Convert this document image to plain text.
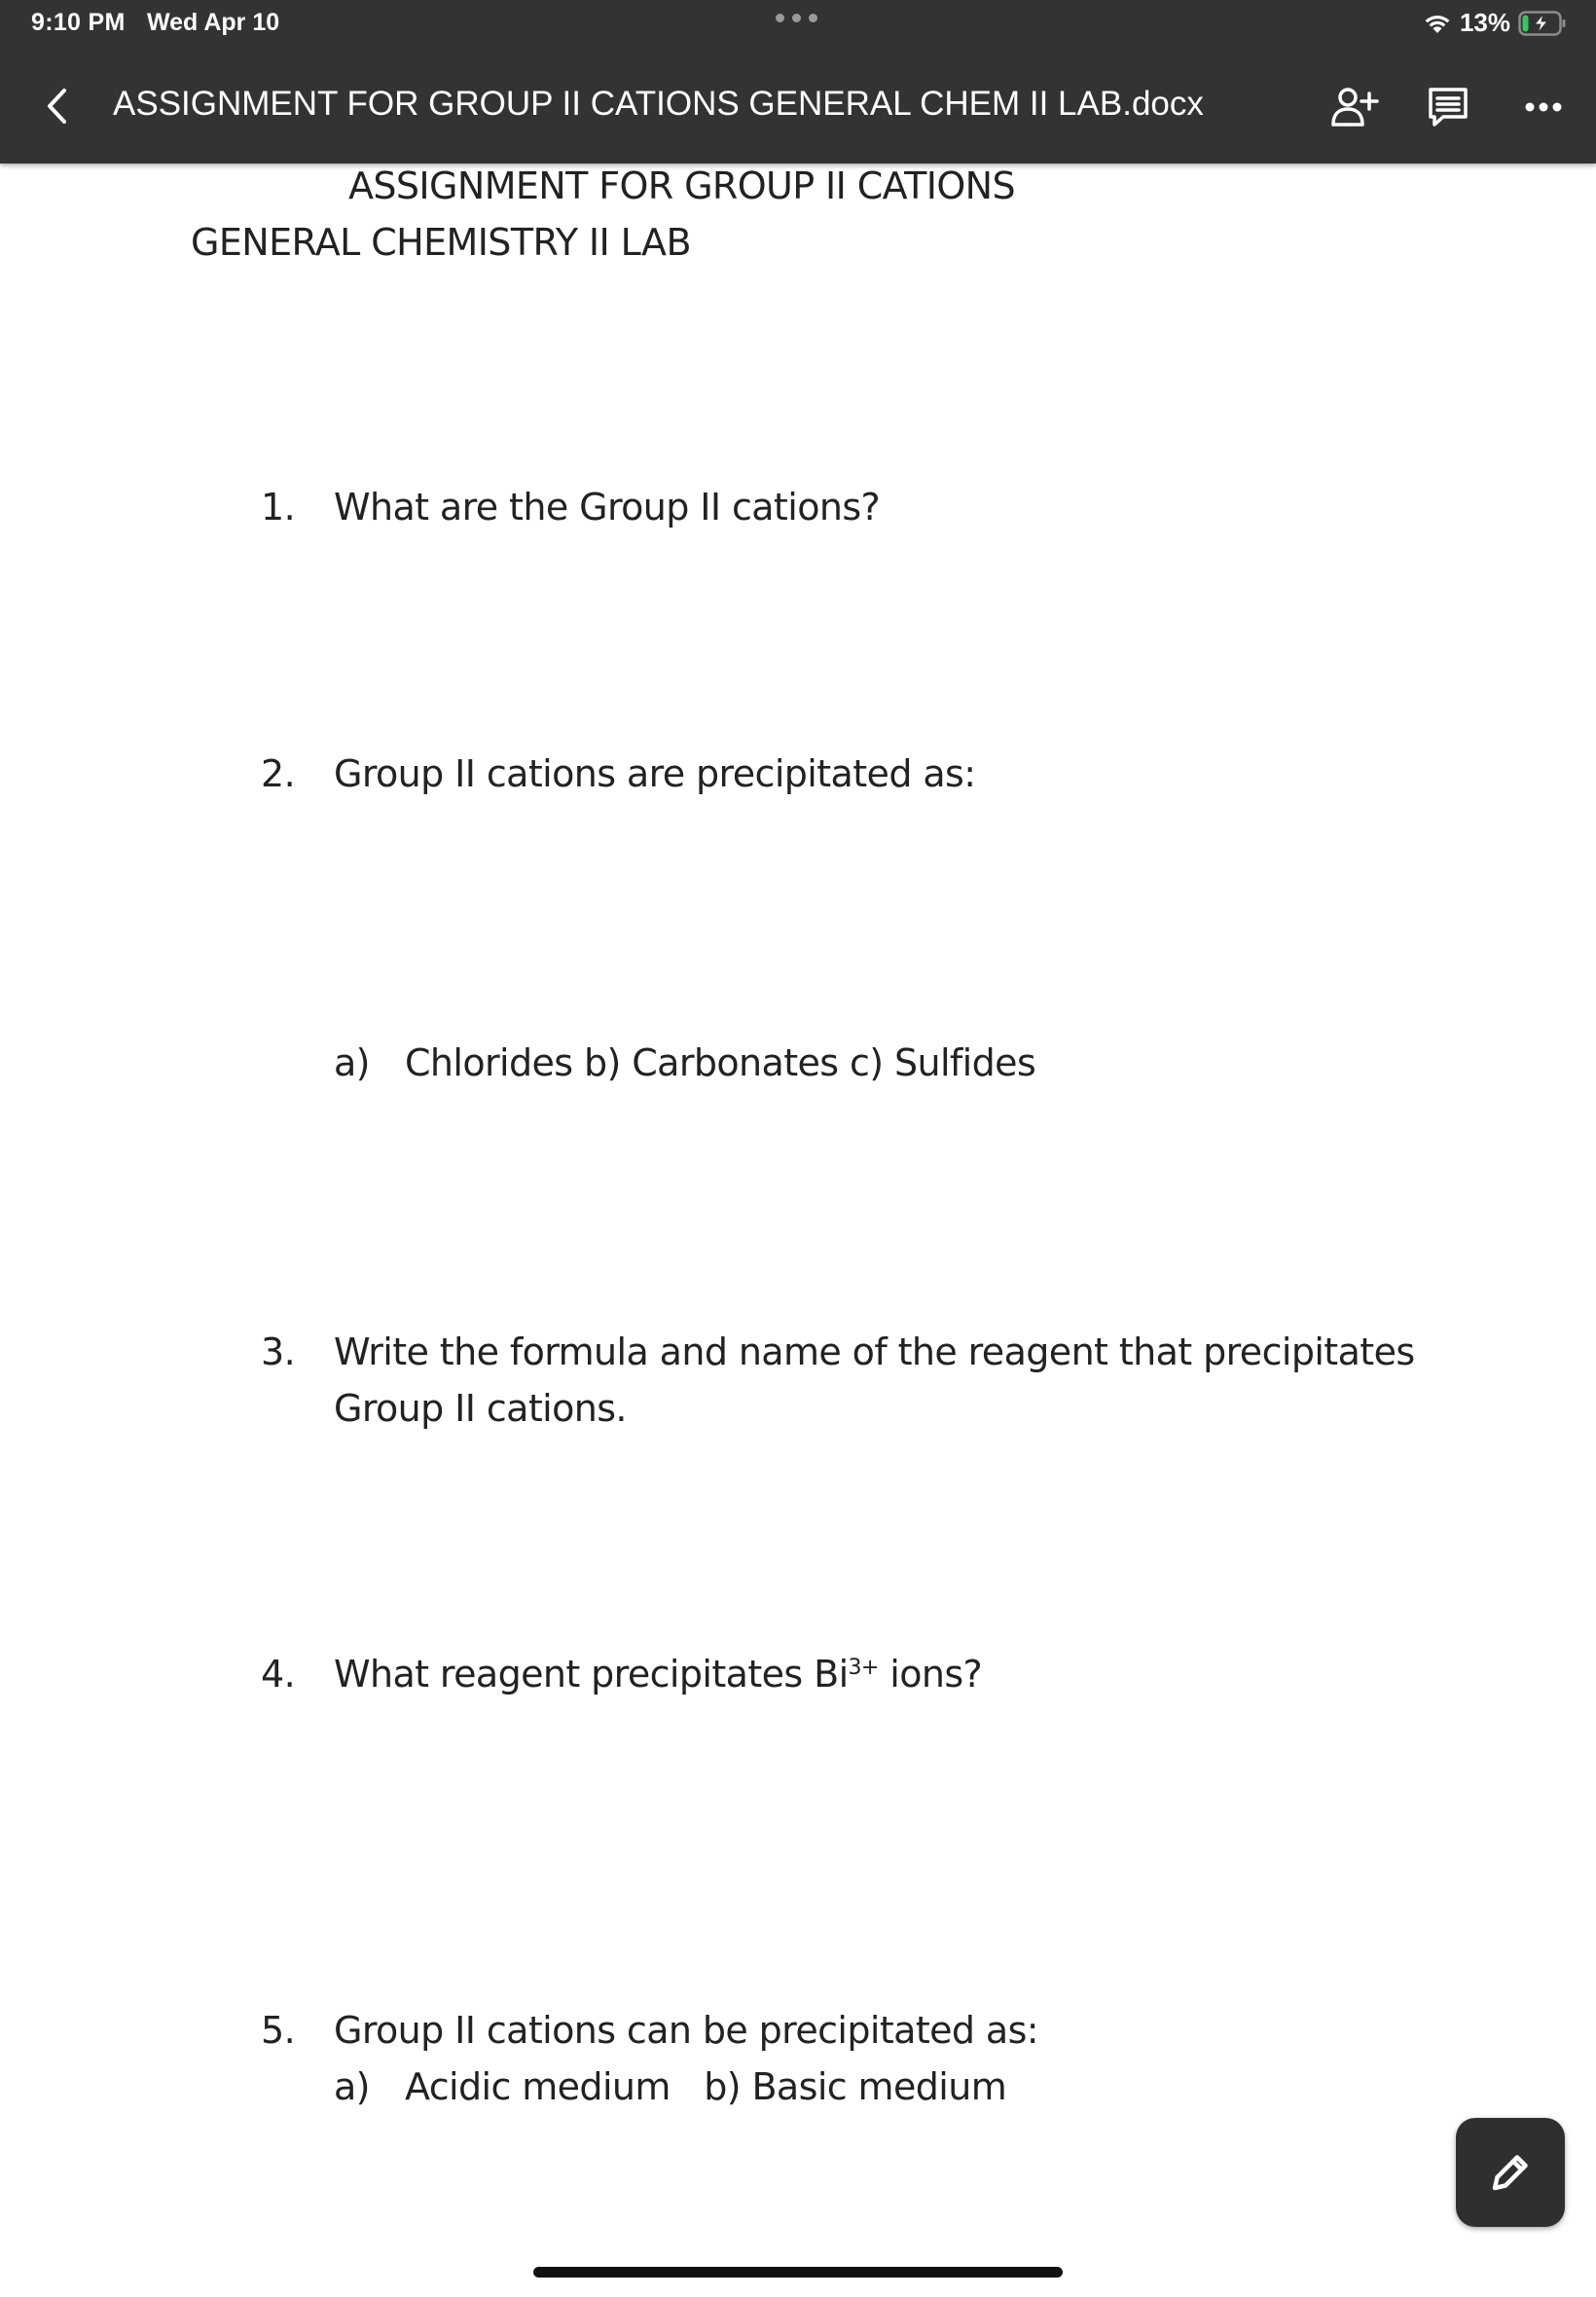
9:10 PM Wed Apr 10	13%
ASSIGNMENT FOR GROUP II CATIONS GENERAL CHEM II LAB.docx
ASSIGNMENT FOR GROUP II CATIONS
GENERAL CHEMISTRY II LAB
1. What are the Group II cations?
2. Group II cations are precipitated as:
a) Chlorides b) Carbonates c) Sulfides
3. Write the formula and name of the reagent that precipitates Group II cations.
4. What reagent precipitates $Bi^{3+}$ ions?
5. Group II cations can be precipitated as:

a)

Acidic medium   b) Basic medium
